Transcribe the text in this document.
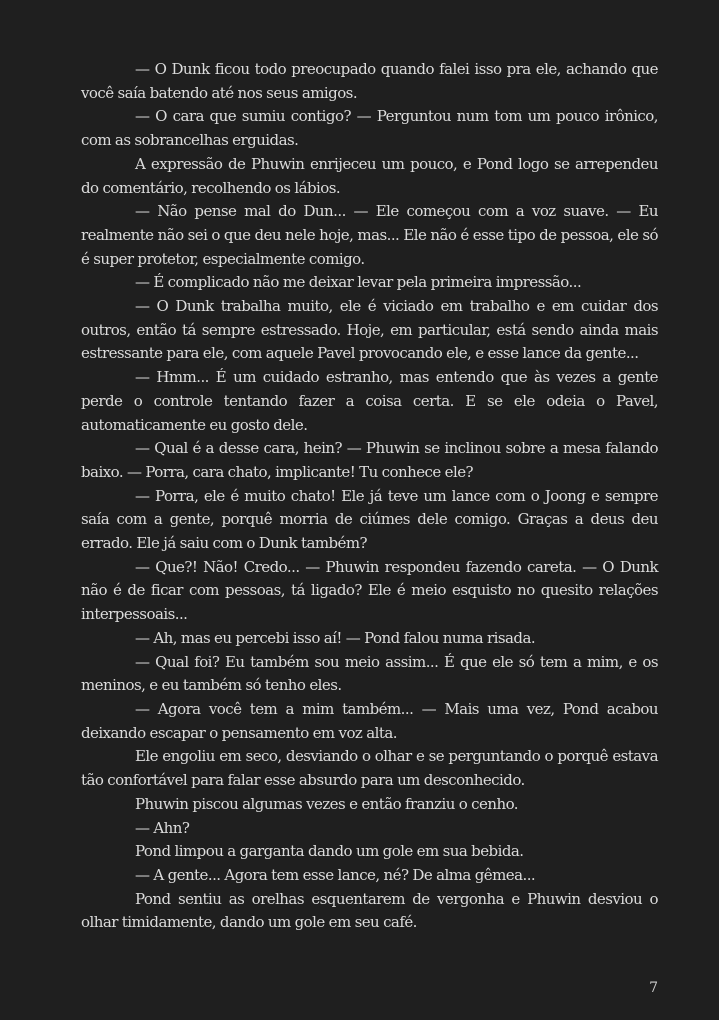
— O Dunk ficou todo preocupado quando falei isso pra ele, achando que você saía batendo até nos seus amigos.

— O cara que sumiu contigo? — Perguntou num tom um pouco irônico, com as sobrancelhas erguidas.

A expressão de Phuwin enrijeceu um pouco, e Pond logo se arrependeu do comentário, recolhendo os lábios.

— Não pense mal do Dun... — Ele começou com a voz suave. — Eu realmente não sei o que deu nele hoje, mas... Ele não é esse tipo de pessoa, ele só é super protetor, especialmente comigo.

— É complicado não me deixar levar pela primeira impressão...

— O Dunk trabalha muito, ele é viciado em trabalho e em cuidar dos outros, então tá sempre estressado. Hoje, em particular, está sendo ainda mais estressante para ele, com aquele Pavel provocando ele, e esse lance da gente...

— Hmm... É um cuidado estranho, mas entendo que às vezes a gente perde o controle tentando fazer a coisa certa. E se ele odeia o Pavel, automaticamente eu gosto dele.

— Qual é a desse cara, hein? — Phuwin se inclinou sobre a mesa falando baixo. — Porra, cara chato, implicante! Tu conhece ele?

— Porra, ele é muito chato! Ele já teve um lance com o Joong e sempre saía com a gente, porquê morria de ciúmes dele comigo. Graças a deus deu errado. Ele já saiu com o Dunk também?

— Que?! Não! Credo... — Phuwin respondeu fazendo careta. — O Dunk não é de ficar com pessoas, tá ligado? Ele é meio esquisto no quesito relações interpessoais...

— Ah, mas eu percebi isso aí! — Pond falou numa risada.

— Qual foi? Eu também sou meio assim... É que ele só tem a mim, e os meninos, e eu também só tenho eles.

— Agora você tem a mim também... — Mais uma vez, Pond acabou deixando escapar o pensamento em voz alta.

Ele engoliu em seco, desviando o olhar e se perguntando o porquê estava tão confortável para falar esse absurdo para um desconhecido.

Phuwin piscou algumas vezes e então franziu o cenho.

— Ahn?

Pond limpou a garganta dando um gole em sua bebida.

— A gente... Agora tem esse lance, né? De alma gêmea...

Pond sentiu as orelhas esquentarem de vergonha e Phuwin desviou o olhar timidamente, dando um gole em seu café.

7
